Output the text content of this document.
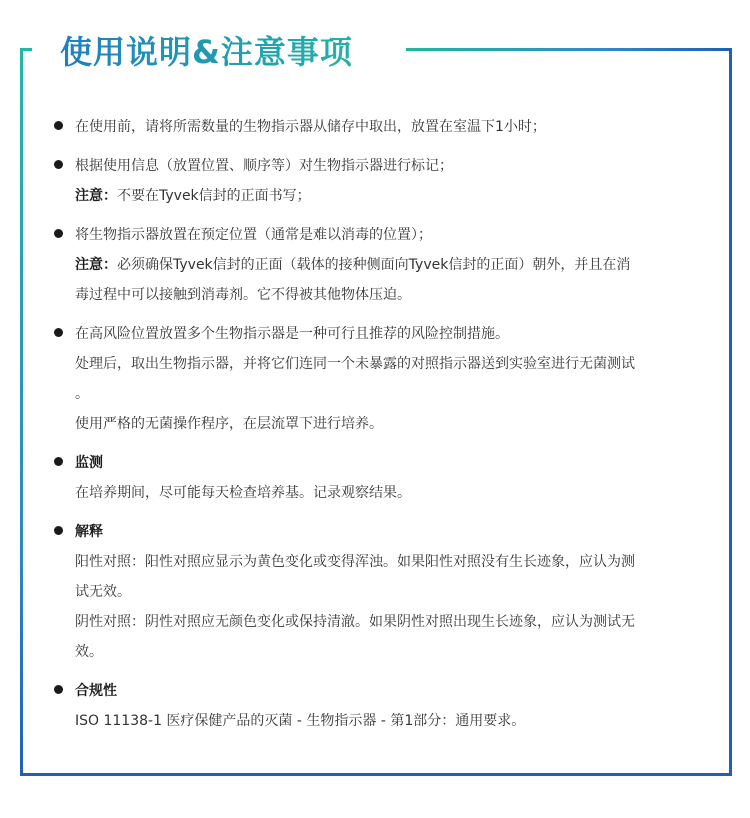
使用说明&注意事项
在使用前，请将所需数量的生物指示器从储存中取出，放置在室温下1小时；
根据使用信息（放置位置、顺序等）对生物指示器进行标记；
注意：不要在Tyvek信封的正面书写；
将生物指示器放置在预定位置（通常是难以消毒的位置）；
注意：必须确保Tyvek信封的正面（载体的接种侧面向Tyvek信封的正面）朝外，并且在消
毒过程中可以接触到消毒剂。它不得被其他物体压迫。
在高风险位置放置多个生物指示器是一种可行且推荐的风险控制措施。
处理后，取出生物指示器，并将它们连同一个未暴露的对照指示器送到实验室进行无菌测试
。
使用严格的无菌操作程序，在层流罩下进行培养。
监测
在培养期间，尽可能每天检查培养基。记录观察结果。
解释
阳性对照：阳性对照应显示为黄色变化或变得浑浊。如果阳性对照没有生长迹象，应认为测
试无效。
阴性对照：阴性对照应无颜色变化或保持清澈。如果阴性对照出现生长迹象，应认为测试无
效。
合规性
ISO 11138-1 医疗保健产品的灭菌 - 生物指示器 - 第1部分：通用要求。
